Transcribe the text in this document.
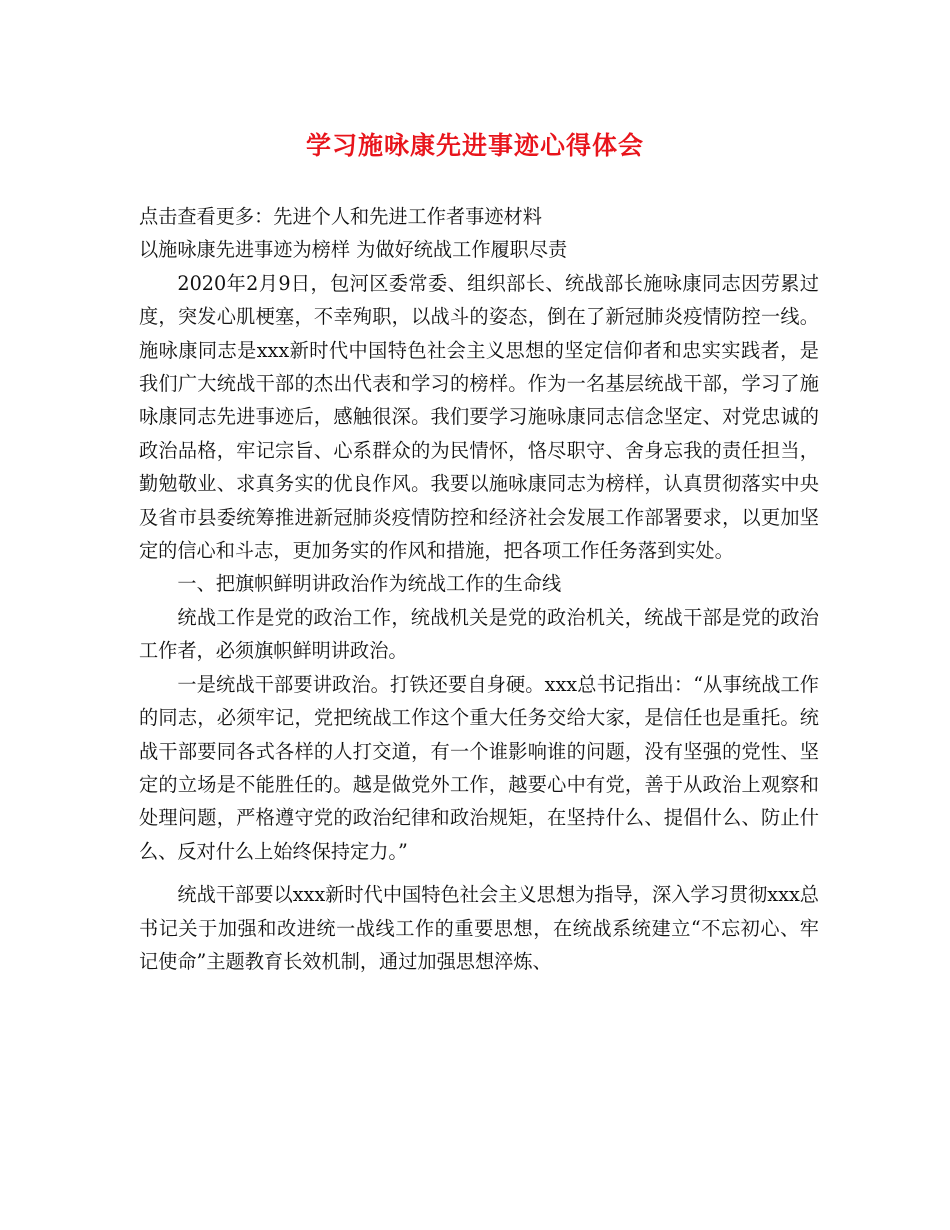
学习施咏康先进事迹心得体会

点击查看更多：先进个人和先进工作者事迹材料

以施咏康先进事迹为榜样 为做好统战工作履职尽责

2020年2月9日，包河区委常委、组织部长、统战部长施咏康同志因劳累过度，突发心肌梗塞，不幸殉职，以战斗的姿态，倒在了新冠肺炎疫情防控一线。施咏康同志是xxx新时代中国特色社会主义思想的坚定信仰者和忠实实践者，是我们广大统战干部的杰出代表和学习的榜样。作为一名基层统战干部，学习了施咏康同志先进事迹后，感触很深。我们要学习施咏康同志信念坚定、对党忠诚的政治品格，牢记宗旨、心系群众的为民情怀，恪尽职守、舍身忘我的责任担当，勤勉敬业、求真务实的优良作风。我要以施咏康同志为榜样，认真贯彻落实中央及省市县委统筹推进新冠肺炎疫情防控和经济社会发展工作部署要求，以更加坚定的信心和斗志，更加务实的作风和措施，把各项工作任务落到实处。

一、把旗帜鲜明讲政治作为统战工作的生命线

统战工作是党的政治工作，统战机关是党的政治机关，统战干部是党的政治工作者，必须旗帜鲜明讲政治。

一是统战干部要讲政治。打铁还要自身硬。xxx总书记指出：“从事统战工作的同志，必须牢记，党把统战工作这个重大任务交给大家，是信任也是重托。统战干部要同各式各样的人打交道，有一个谁影响谁的问题，没有坚强的党性、坚定的立场是不能胜任的。越是做党外工作，越要心中有党，善于从政治上观察和处理问题，严格遵守党的政治纪律和政治规矩，在坚持什么、提倡什么、防止什么、反对什么上始终保持定力。”

统战干部要以xxx新时代中国特色社会主义思想为指导，深入学习贯彻xxx总书记关于加强和改进统一战线工作的重要思想，在统战系统建立“不忘初心、牢记使命”主题教育长效机制，通过加强思想淬炼、
